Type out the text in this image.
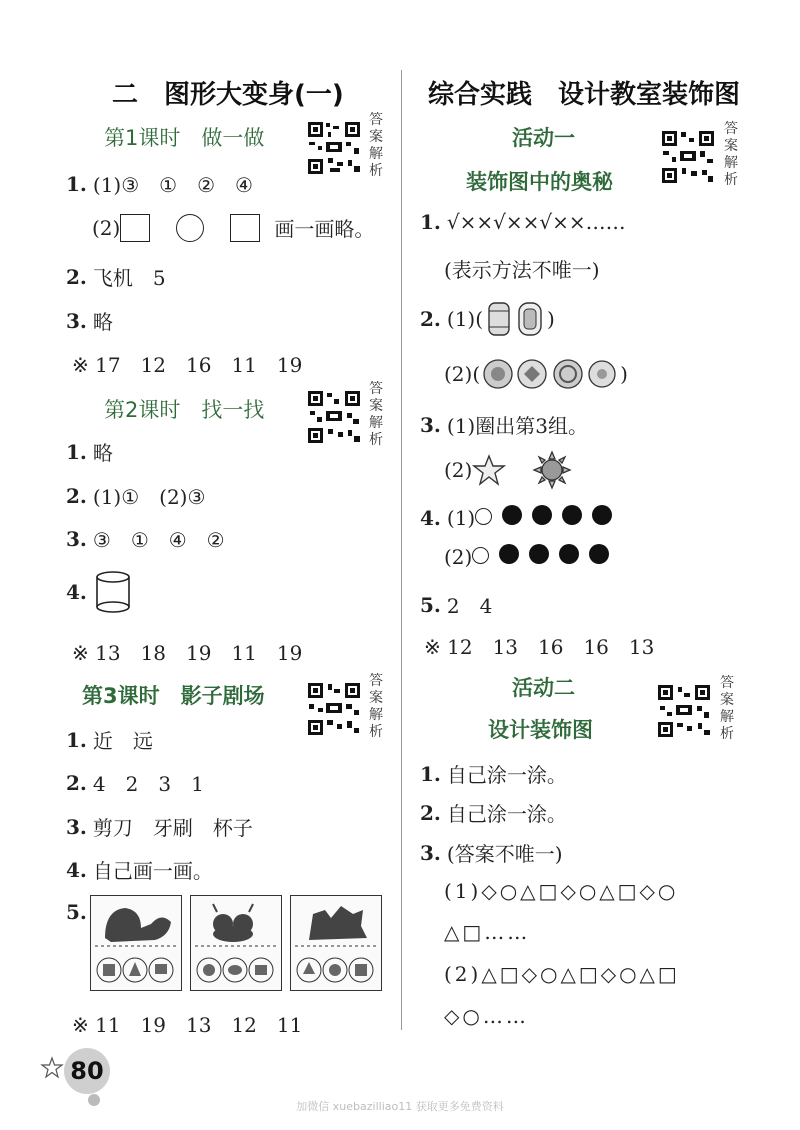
二　图形大变身(一)
第1课时　做一做
答
案
解
析
1. (1)③　①　②　④
(2)	画一画略。
2. 飞机　5
3. 略
※ 17　12　16　11　19
第2课时　找一找
答
案
解
析
1. 略
2. (1)①　(2)③
3. ③　①　④　②
4.
※ 13　18　19　11　19
第3课时　影子剧场
答
案
解
析
1. 近　远
2. 4　2　3　1
3. 剪刀　牙刷　杯子
4. 自己画一画。
5.
※ 11　19　13　12　11
综合实践　设计教室装饰图
活动一
装饰图中的奥秘
答
案
解
析
1. √××√××√××……
(表示方法不唯一)
2. (1)(	)
(2)(	)
3. (1)圈出第3组。
(2)
4. (1)
(2)
5. 2　4
※ 12　13　16　16　13
活动二
设计装饰图
答
案
解
析
1. 自己涂一涂。
2. 自己涂一涂。
3. (答案不唯一)
(1)◇○△□◇○△□◇○
△□……
(2)△□◇○△□◇○△□
◇○……
80
加微信 xuebazilliao11 获取更多免费资料
